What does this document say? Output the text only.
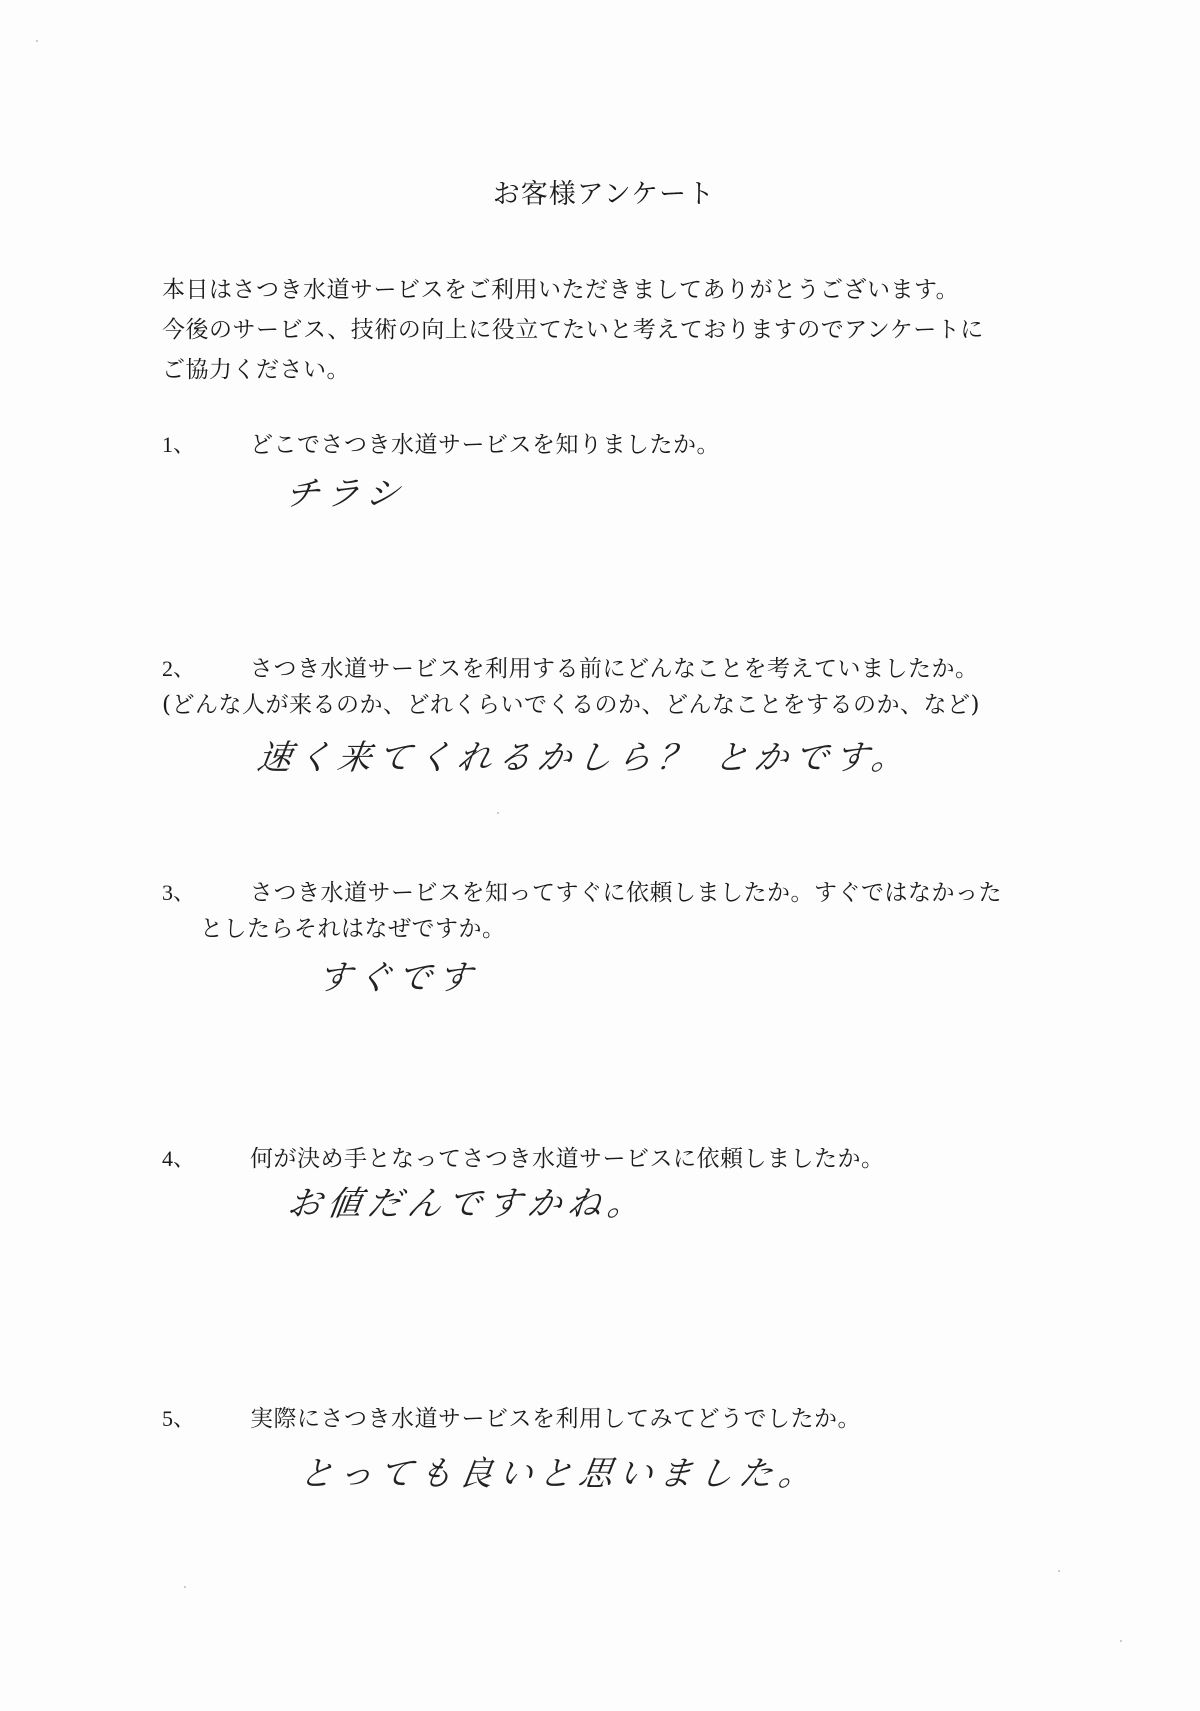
お客様アンケート
本日はさつき水道サービスをご利用いただきましてありがとうございます。
今後のサービス、技術の向上に役立てたいと考えておりますのでアンケートに
ご協力ください。
1、 どこでさつき水道サービスを知りましたか。
チラシ
2、 さつき水道サービスを利用する前にどんなことを考えていましたか。
(どんな人が来るのか、どれくらいでくるのか、どんなことをするのか、など)
速く来てくれるかしら？ とかです。
3、 さつき水道サービスを知ってすぐに依頼しましたか。すぐではなかった
としたらそれはなぜですか。
すぐです
4、 何が決め手となってさつき水道サービスに依頼しましたか。
お値だんですかね。
5、 実際にさつき水道サービスを利用してみてどうでしたか。
とっても良いと思いました。
